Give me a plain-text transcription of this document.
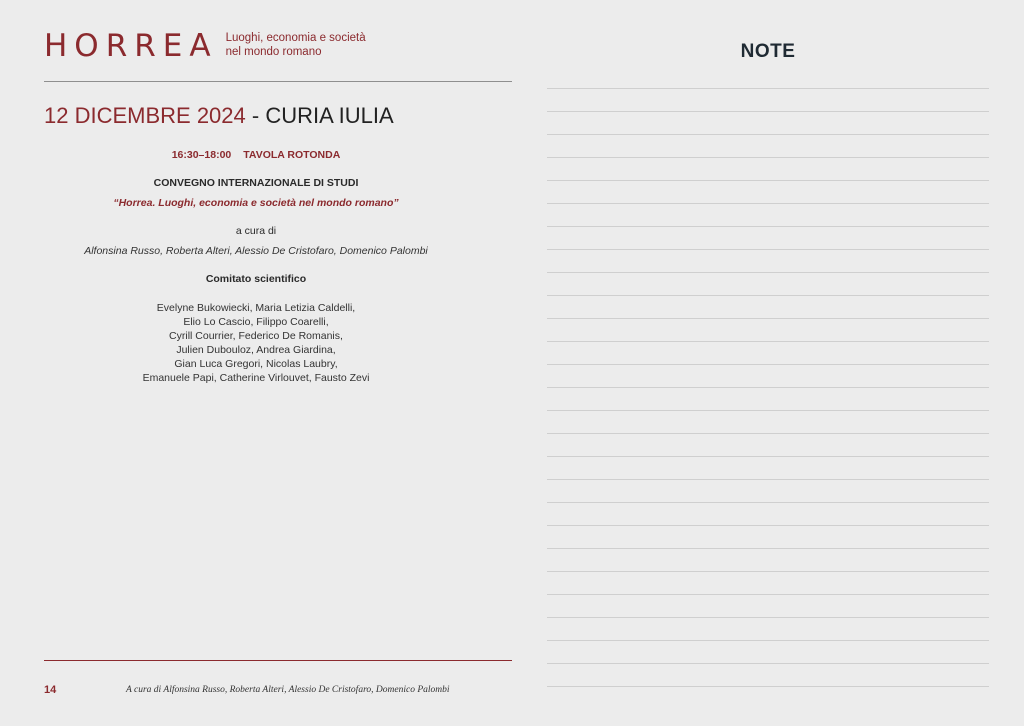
HORREA Luoghi, economia e società
nel mondo romano
12 DICEMBRE 2024 - CURIA IULIA
16:30–18:00 TAVOLA ROTONDA
CONVEGNO INTERNAZIONALE DI STUDI
“Horrea. Luoghi, economia e società nel mondo romano”
a cura di
Alfonsina Russo, Roberta Alteri, Alessio De Cristofaro, Domenico Palombi
Comitato scientifico
Evelyne Bukowiecki, Maria Letizia Caldelli,
Elio Lo Cascio, Filippo Coarelli,
Cyrill Courrier, Federico De Romanis,
Julien Dubouloz, Andrea Giardina,
Gian Luca Gregori, Nicolas Laubry,
Emanuele Papi, Catherine Virlouvet, Fausto Zevi
14	A cura di Alfonsina Russo, Roberta Alteri, Alessio De Cristofaro, Domenico Palombi
NOTE
